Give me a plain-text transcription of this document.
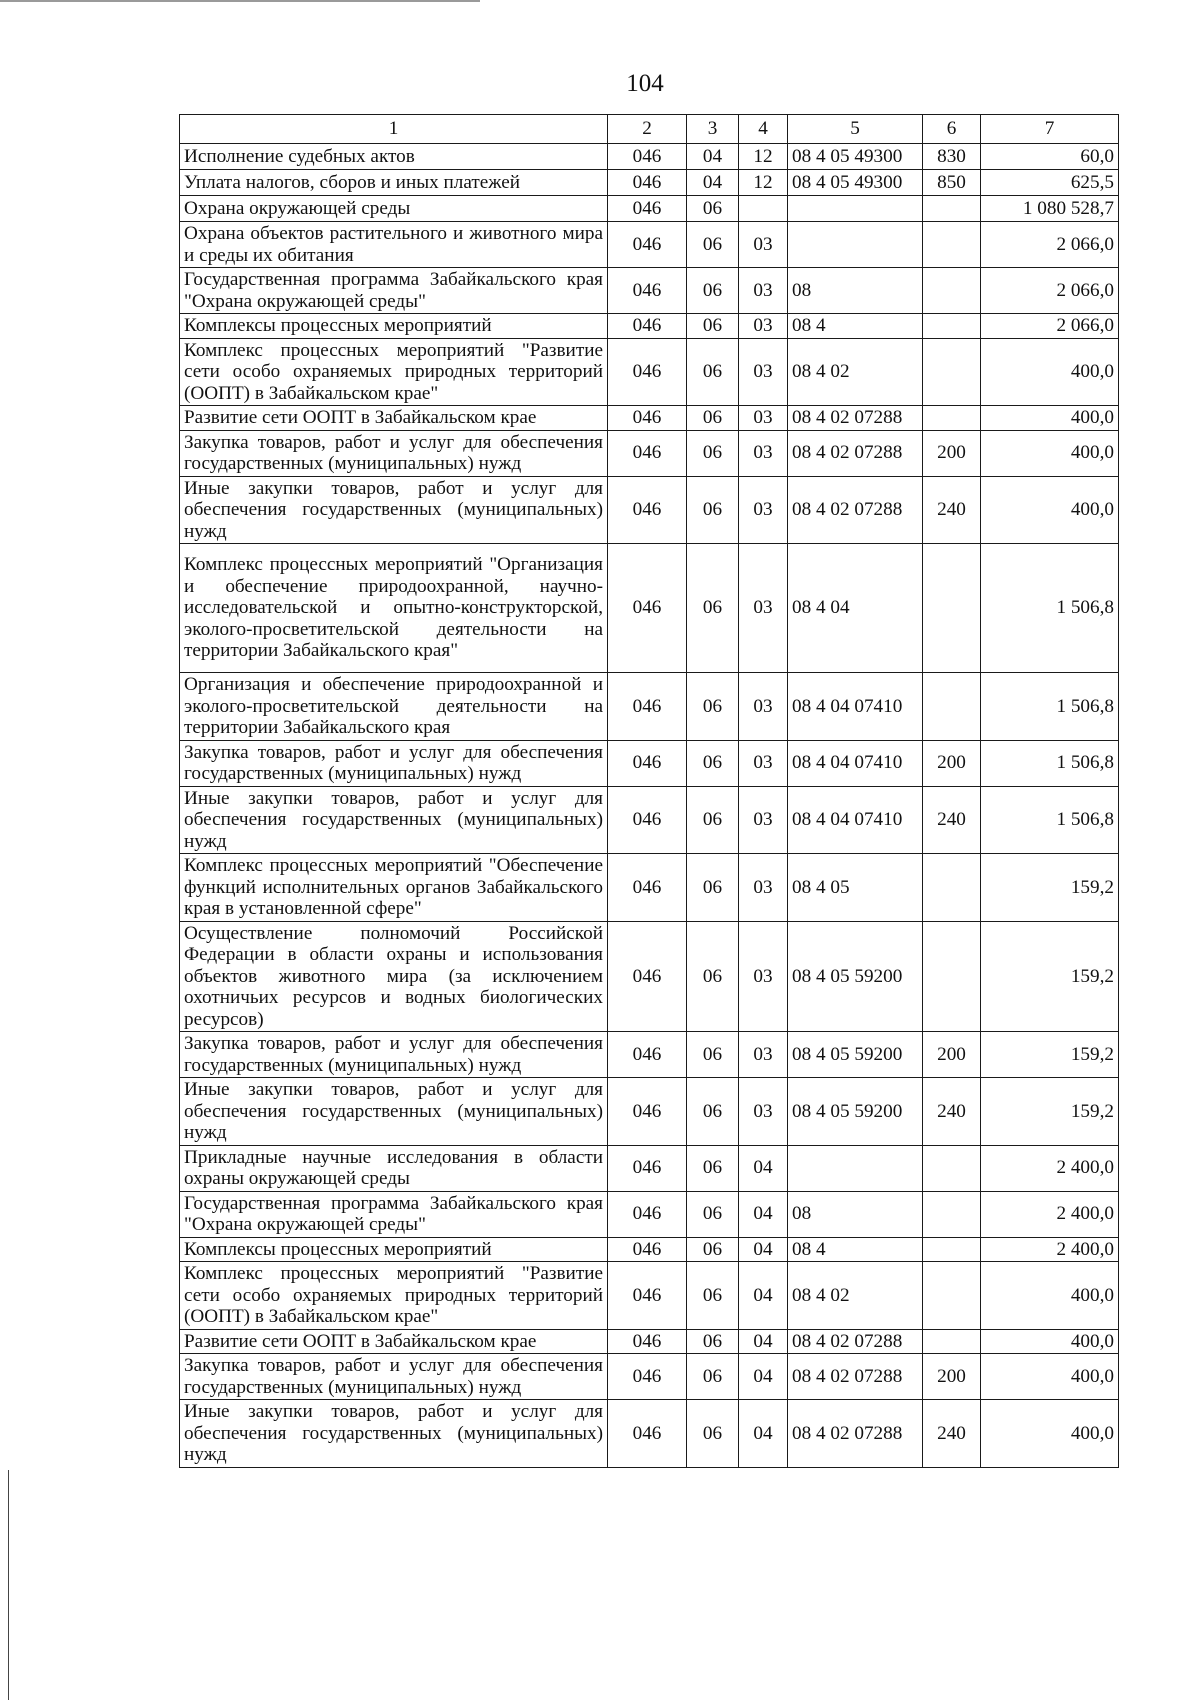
104
1	2	3	4	5	6	7
Исполнение судебных актов	046	04	12	08 4 05 49300	830	60,0
Уплата налогов, сборов и иных платежей	046	04	12	08 4 05 49300	850	625,5
Охрана окружающей среды	046	06				1 080 528,7
Охрана объектов растительного и животного мира и среды их обитания	046	06	03			2 066,0
Государственная программа Забайкальского края "Охрана окружающей среды"	046	06	03	08		2 066,0
Комплексы процессных мероприятий	046	06	03	08 4		2 066,0
Комплекс процессных мероприятий "Развитие сети особо охраняемых природных территорий (ООПТ) в Забайкальском крае"	046	06	03	08 4 02		400,0
Развитие сети ООПТ в Забайкальском крае	046	06	03	08 4 02 07288		400,0
Закупка товаров, работ и услуг для обеспечения государственных (муниципальных) нужд	046	06	03	08 4 02 07288	200	400,0
Иные закупки товаров, работ и услуг для обеспечения государственных (муниципальных) нужд	046	06	03	08 4 02 07288	240	400,0
Комплекс процессных мероприятий "Организация и обеспечение природоохранной, научно-исследовательской и опытно-конструкторской, эколого-просветительской деятельности на территории Забайкальского края"	046	06	03	08 4 04		1 506,8
Организация и обеспечение природоохранной и эколого-просветительской деятельности на территории Забайкальского края	046	06	03	08 4 04 07410		1 506,8
Закупка товаров, работ и услуг для обеспечения государственных (муниципальных) нужд	046	06	03	08 4 04 07410	200	1 506,8
Иные закупки товаров, работ и услуг для обеспечения государственных (муниципальных) нужд	046	06	03	08 4 04 07410	240	1 506,8
Комплекс процессных мероприятий "Обеспечение функций исполнительных органов Забайкальского края в установленной сфере"	046	06	03	08 4 05		159,2
Осуществление полномочий Российской Федерации в области охраны и использования объектов животного мира (за исключением охотничьих ресурсов и водных биологических ресурсов)	046	06	03	08 4 05 59200		159,2
Закупка товаров, работ и услуг для обеспечения государственных (муниципальных) нужд	046	06	03	08 4 05 59200	200	159,2
Иные закупки товаров, работ и услуг для обеспечения государственных (муниципальных) нужд	046	06	03	08 4 05 59200	240	159,2
Прикладные научные исследования в области охраны окружающей среды	046	06	04			2 400,0
Государственная программа Забайкальского края "Охрана окружающей среды"	046	06	04	08		2 400,0
Комплексы процессных мероприятий	046	06	04	08 4		2 400,0
Комплекс процессных мероприятий "Развитие сети особо охраняемых природных территорий (ООПТ) в Забайкальском крае"	046	06	04	08 4 02		400,0
Развитие сети ООПТ в Забайкальском крае	046	06	04	08 4 02 07288		400,0
Закупка товаров, работ и услуг для обеспечения государственных (муниципальных) нужд	046	06	04	08 4 02 07288	200	400,0
Иные закупки товаров, работ и услуг для обеспечения государственных (муниципальных) нужд	046	06	04	08 4 02 07288	240	400,0
